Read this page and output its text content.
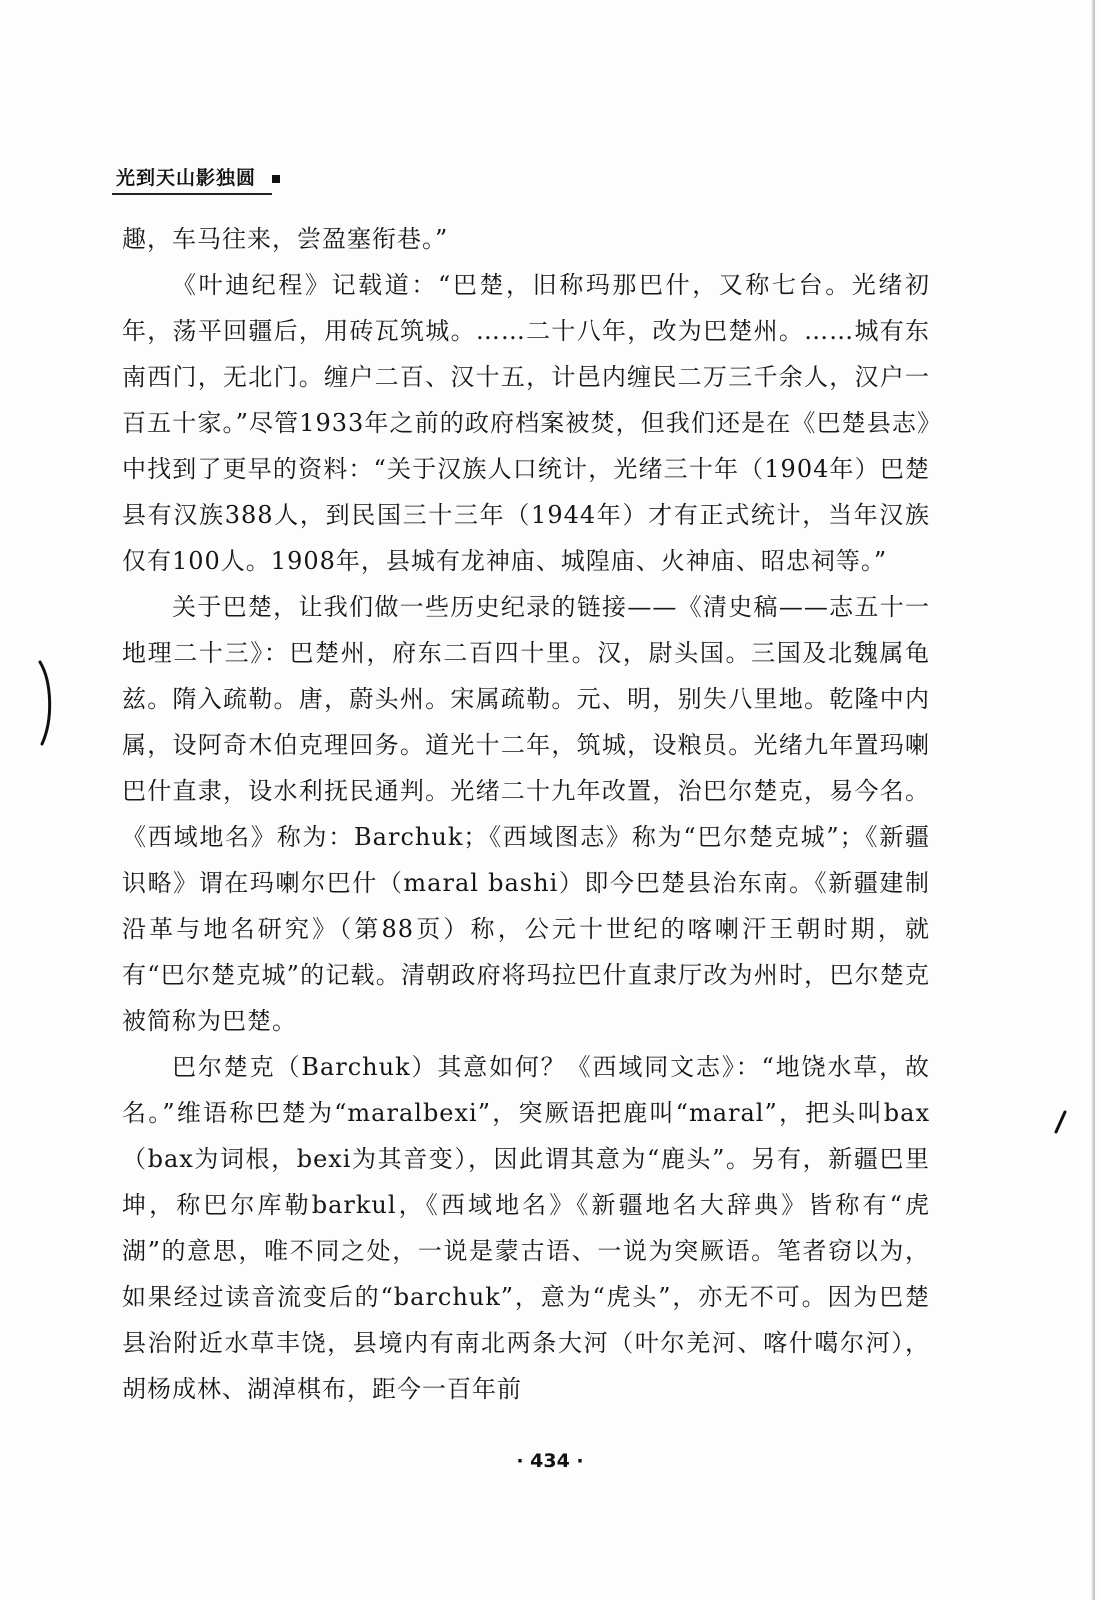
光到天山影独圆

趣，车马往来，尝盈塞衔巷。”

《叶迪纪程》记载道：“巴楚，旧称玛那巴什，又称七台。光绪初年，荡平回疆后，用砖瓦筑城。……二十八年，改为巴楚州。……城有东南西门，无北门。缠户二百、汉十五，计邑内缠民二万三千余人，汉户一百五十家。”尽管1933年之前的政府档案被焚，但我们还是在《巴楚县志》中找到了更早的资料：“关于汉族人口统计，光绪三十年（1904年）巴楚县有汉族388人，到民国三十三年（1944年）才有正式统计，当年汉族仅有100人。1908年，县城有龙神庙、城隍庙、火神庙、昭忠祠等。”

关于巴楚，让我们做一些历史纪录的链接——《清史稿——志五十一地理二十三》：巴楚州，府东二百四十里。汉，尉头国。三国及北魏属龟兹。隋入疏勒。唐，蔚头州。宋属疏勒。元、明，别失八里地。乾隆中内属，设阿奇木伯克理回务。道光十二年，筑城，设粮员。光绪九年置玛喇巴什直隶，设水利抚民通判。光绪二十九年改置，治巴尔楚克，易今名。《西域地名》称为：Barchuk；《西域图志》称为“巴尔楚克城”；《新疆识略》谓在玛喇尔巴什（maral bashi）即今巴楚县治东南。《新疆建制沿革与地名研究》（第88页）称，公元十世纪的喀喇汗王朝时期，就有“巴尔楚克城”的记载。清朝政府将玛拉巴什直隶厅改为州时，巴尔楚克被简称为巴楚。

巴尔楚克（Barchuk）其意如何？《西域同文志》：“地饶水草，故名。”维语称巴楚为“maralbexi”，突厥语把鹿叫“maral”，把头叫bax（bax为词根，bexi为其音变），因此谓其意为“鹿头”。另有，新疆巴里坤，称巴尔库勒barkul，《西域地名》《新疆地名大辞典》皆称有“虎湖”的意思，唯不同之处，一说是蒙古语、一说为突厥语。笔者窃以为，如果经过读音流变后的“barchuk”，意为“虎头”，亦无不可。因为巴楚县治附近水草丰饶，县境内有南北两条大河（叶尔羌河、喀什噶尔河），胡杨成林、湖淖棋布，距今一百年前

· 434 ·
